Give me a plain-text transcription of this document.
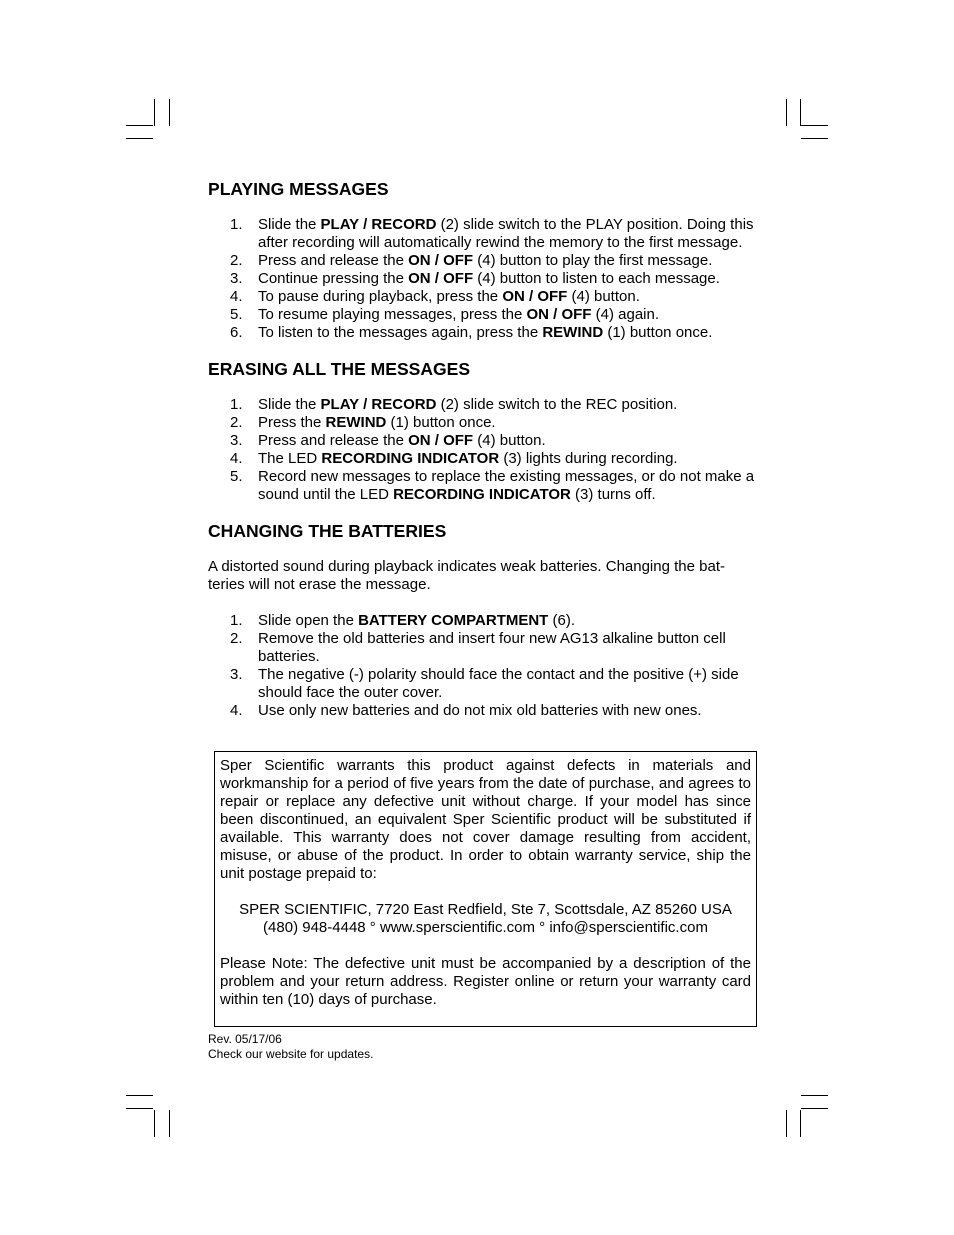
PLAYING MESSAGES
1. Slide the PLAY / RECORD (2) slide switch to the PLAY position. Doing this after recording will automatically rewind the memory to the first message.
2. Press and release the ON / OFF (4) button to play the first message.
3. Continue pressing the ON / OFF (4) button to listen to each message.
4. To pause during playback, press the ON / OFF (4) button.
5. To resume playing messages, press the ON / OFF (4) again.
6. To listen to the messages again, press the REWIND (1) button once.
ERASING ALL THE MESSAGES
1. Slide the PLAY / RECORD (2) slide switch to the REC position.
2. Press the REWIND (1) button once.
3. Press and release the ON / OFF (4) button.
4. The LED RECORDING INDICATOR (3) lights during recording.
5. Record new messages to replace the existing messages, or do not make a sound until the LED RECORDING INDICATOR (3) turns off.
CHANGING THE BATTERIES

A distorted sound during playback indicates weak batteries. Changing the bat-teries will not erase the message.

1. Slide open the BATTERY COMPARTMENT (6).
2. Remove the old batteries and insert four new AG13 alkaline button cell batteries.
3. The negative (-) polarity should face the contact and the positive (+) side should face the outer cover.
4. Use only new batteries and do not mix old batteries with new ones.

Sper Scientific warrants this product against defects in materials and workmanship for a period of five years from the date of purchase, and agrees to repair or replace any defective unit without charge. If your model has since been discontinued, an equivalent Sper Scientific product will be substituted if available. This warranty does not cover damage resulting from accident, misuse, or abuse of the product. In order to obtain warranty service, ship the unit postage prepaid to:

SPER SCIENTIFIC, 7720 East Redfield, Ste 7, Scottsdale, AZ 85260 USA

(480) 948-4448 ° www.sperscientific.com ° info@sperscientific.com

Please Note: The defective unit must be accompanied by a description of the problem and your return address. Register online or return your warranty card within ten (10) days of purchase.

Rev. 05/17/06
Check our website for updates.
